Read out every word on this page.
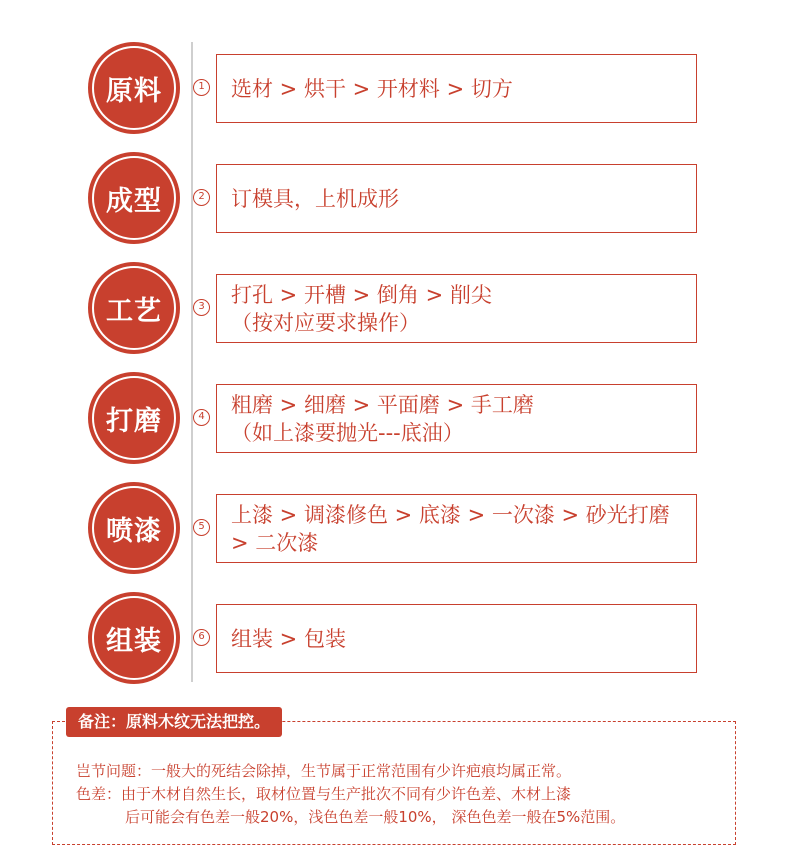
原料	1 选材 > 烘干 > 开材料 > 切方
成型	2 订模具，上机成形
工艺	3 打孔 > 开槽 > 倒角 > 削尖
（按对应要求操作）
打磨	4 粗磨 > 细磨 > 平面磨 > 手工磨
（如上漆要抛光---底油）
喷漆	5 上漆 > 调漆修色 > 底漆 > 一次漆 > 砂光打磨
> 二次漆
组装	6 组装 > 包装
备注：原料木纹无法把控。
岂节问题：一般大的死结会除掉，生节属于正常范围有少许疤痕均属正常。
色差：由于木材自然生长，取材位置与生产批次不同有少许色差、木材上漆
后可能会有色差一般20%，浅色色差一般10%， 深色色差一般在5%范围。
